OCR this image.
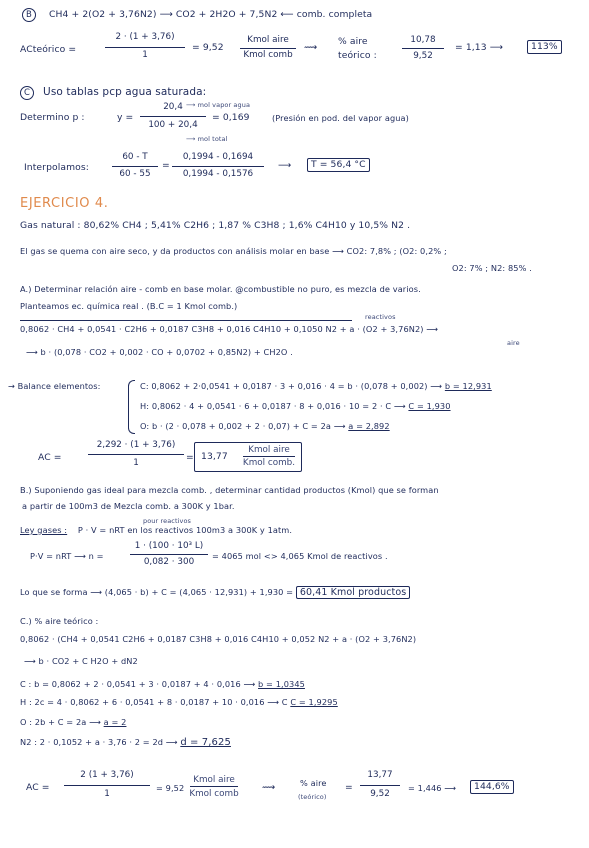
B CH4 + 2(O2 + 3,76N2) ⟶ CO2 + 2H2O + 7,5N2 ⟵ comb. completa
ACteórico =
2 · (1 + 3,76)
1
= 9,52
Kmol aire
Kmol comb
⟿
% aire
teórico :
10,78
9,52
= 1,13 ⟶	113%
C Uso tablas pcp agua saturada:
Determino p :	y =
20,4
100 + 20,4
⟶ mol vapor agua
⟶ mol total
= 0,169	(Presión en pod. del vapor agua)
Interpolamos:
60 - T
60 - 55
=
0,1994 - 0,1694
0,1994 - 0,1576
⟶	T = 56,4 °C
EJERCICIO 4.
Gas natural : 80,62% CH4 ; 5,41% C2H6 ; 1,87 % C3H8 ; 1,6% C4H10 y 10,5% N2 .
El gas se quema con aire seco, y da productos con análisis molar en base ⟶ CO2: 7,8% ; (O2: 0,2% ;
O2: 7% ; N2: 85% .
A.) Determinar relación aire - comb en base molar. @combustible no puro, es mezcla de varios.
Planteamos ec. química real . (B.C = 1 Kmol comb.)
reactivos
0,8062 · CH4 + 0,0541 · C2H6 + 0,0187 C3H8 + 0,016 C4H10 + 0,1050 N2 + a · (O2 + 3,76N2) ⟶
aire
⟶ b · (0,078 · CO2 + 0,002 · CO + 0,0702 + 0,85N2) + CH2O .
→ Balance elementos:	C: 0,8062 + 2·0,0541 + 0,0187 · 3 + 0,016 · 4 = b · (0,078 + 0,002) ⟶ b = 12,931
H: 0,8062 · 4 + 0,0541 · 6 + 0,0187 · 8 + 0,016 · 10 = 2 · C ⟶ C = 1,930
O: b · (2 · 0,078 + 0,002 + 2 · 0,07) + C = 2a ⟶ a = 2,892
AC =
2,292 · (1 + 3,76)
1	= 13,77
Kmol aire
Kmol comb.
B.) Suponiendo gas ideal para mezcla comb. , determinar cantidad productos (Kmol) que se forman
a partir de 100m3 de Mezcla comb. a 300K y 1bar.
pour reactivos
Ley gases : P · V = nRT en los reactivos 100m3 a 300K y 1atm.
P·V = nRT ⟶ n =
1 · (100 · 10³ L)
0,082 · 300
= 4065 mol <> 4,065 Kmol de reactivos .
Lo que se forma ⟶ (4,065 · b) + C = (4,065 · 12,931) + 1,930 = 60,41 Kmol productos
C.) % aire teórico :
0,8062 · (CH4 + 0,0541 C2H6 + 0,0187 C3H8 + 0,016 C4H10 + 0,052 N2 + a · (O2 + 3,76N2)
⟶ b · CO2 + C H2O + dN2
C : b = 0,8062 + 2 · 0,0541 + 3 · 0,0187 + 4 · 0,016 ⟶ b = 1,0345
H : 2c = 4 · 0,8062 + 6 · 0,0541 + 8 · 0,0187 + 10 · 0,016 ⟶ C C = 1,9295
O : 2b + C = 2a ⟶ a = 2
N2 : 2 · 0,1052 + a · 3,76 · 2 = 2d ⟶ d = 7,625
AC =
2 (1 + 3,76)
1
= 9,52
Kmol aire
Kmol comb
⟿	% aire
(teórico)
=
13,77
9,52
= 1,446 ⟶	144,6%
